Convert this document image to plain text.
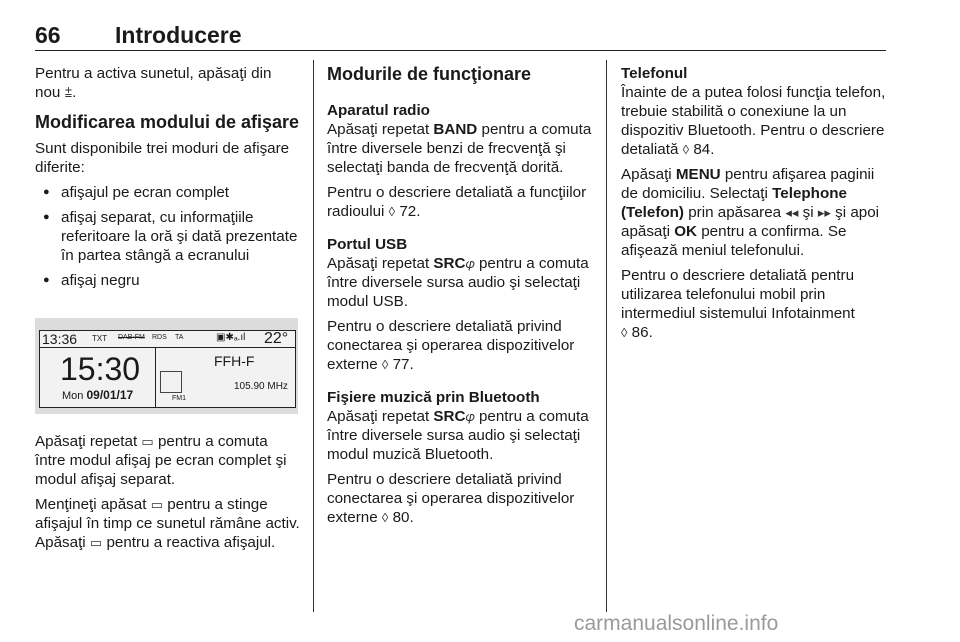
66 Introducere

Pentru a activa sunetul, apăsaţi din nou ⩲.

Modificarea modului de afişare

Sunt disponibile trei moduri de afişare diferite:

● afişajul pe ecran complet
● afişaj separat, cu informaţiile referitoare la oră şi dată prezentate în partea stângă a ecranului
● afişaj negru
13:36 TXT DAB-FM RDS TA	▣✱ₐ.ıl 22°
15:30
Mon 09/01/17
FFH-F
105.90 MHz
FM1

Apăsaţi repetat ▭ pentru a comuta între modul afişaj pe ecran complet şi modul afişaj separat.

Menţineţi apăsat ▭ pentru a stinge afişajul în timp ce sunetul rămâne activ. Apăsaţi ▭ pentru a reactiva afişajul.

Modurile de funcţionare
Aparatul radio

Apăsaţi repetat BAND pentru a comuta între diversele benzi de frecvenţă şi selectaţi banda de frecvenţă dorită.

Pentru o descriere detaliată a funcţiilor radioului ⁠◊ 72.

Portul USB

Apăsaţi repetat SRC𝜑 pentru a comuta între diversele sursa audio şi selectaţi modul USB.

Pentru o descriere detaliată privind conectarea şi operarea dispozitivelor externe ⁠◊ 77.

Fişiere muzică prin Bluetooth

Apăsaţi repetat SRC𝜑 pentru a comuta între diversele sursa audio şi selectaţi modul muzică Bluetooth.

Pentru o descriere detaliată privind conectarea şi operarea dispozitivelor externe ⁠◊ 80.

Telefonul

Înainte de a putea folosi funcţia telefon, trebuie stabilită o conexiune la un dispozitiv Bluetooth. Pentru o descriere detaliată ⁠◊ 84.

Apăsaţi MENU pentru afişarea paginii de domiciliu. Selectaţi Telephone (Telefon) prin apăsarea ◂◂ şi ▸▸ şi apoi apăsaţi OK pentru a confirma. Se afişează meniul telefonului.

Pentru o descriere detaliată pentru utilizarea telefonului mobil prin intermediul sistemului Infotainment
⁠◊ 86.

carmanualsonline.info
